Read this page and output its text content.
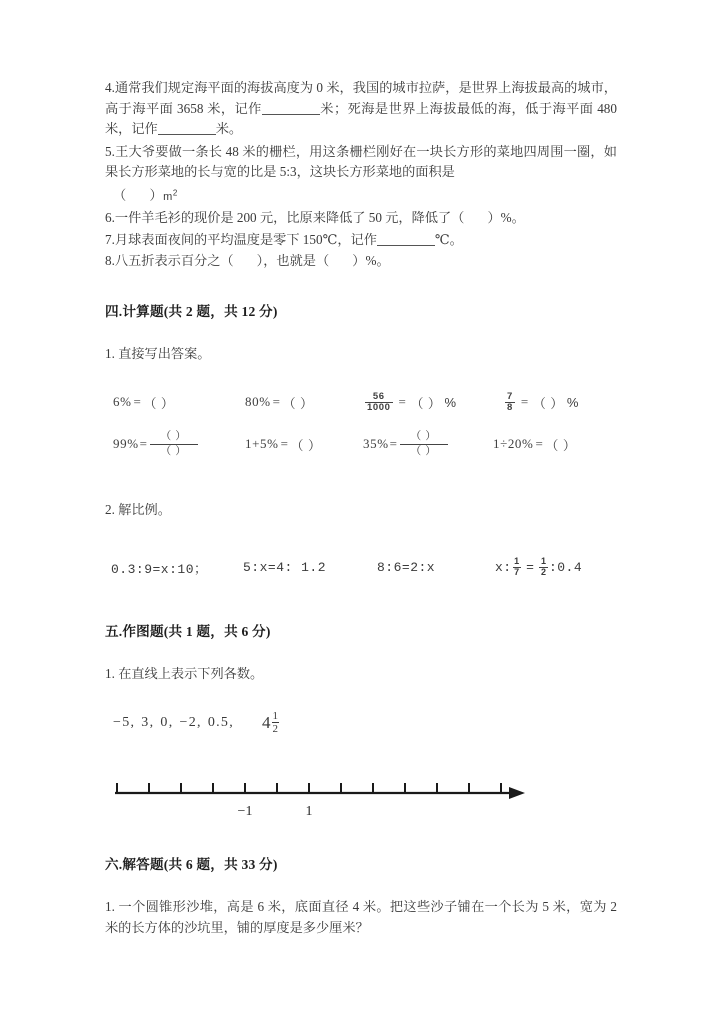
4.通常我们规定海平面的海拔高度为 0 米，我国的城市拉萨，是世界上海拔最高的城市，高于海平面 3658 米，记作	米；死海是世界上海拔最低的海，低于海平面 480 米，记作	米。
5.王大爷要做一条长 48 米的栅栏，用这条栅栏刚好在一块长方形的菜地四周围一圈，如果长方形菜地的长与宽的比是 5:3，这块长方形菜地的面积是
（      ）$m^2$
6.一件羊毛衫的现价是 200 元，比原来降低了 50 元，降低了（ ）%。
7.月球表面夜间的平均温度是零下 150℃，记作	℃。
8.八五折表示百分之（ ），也就是（ ）%。
四.计算题(共 2 题，共 12 分)
1. 直接写出答案。
6% = （ ）	80% = （ ）	$\frac{56}{1000}$ = （ ） %	$\frac{7}{8}$ = （ ） %
$99\% = \frac{( )}{( )}$	1+5% = （ ）	$35\% = \frac{( )}{( )}$	1÷20% = （ ）
2. 解比例。
0.3:9=x:10；	5:x=4: 1.2	8:6=2:x	x: $\frac{1}{7} = \frac{1}{2}$ :0.4
五.作图题(共 1 题，共 6 分)
1. 在直线上表示下列各数。
−5, 3, 0, −2, 0.5, $4 \frac{1}{2}$
−1	1
六.解答题(共 6 题，共 33 分)
1. 一个圆锥形沙堆，高是 6 米，底面直径 4 米。把这些沙子铺在一个长为 5 米，宽为 2 米的长方体的沙坑里，铺的厚度是多少厘米？
